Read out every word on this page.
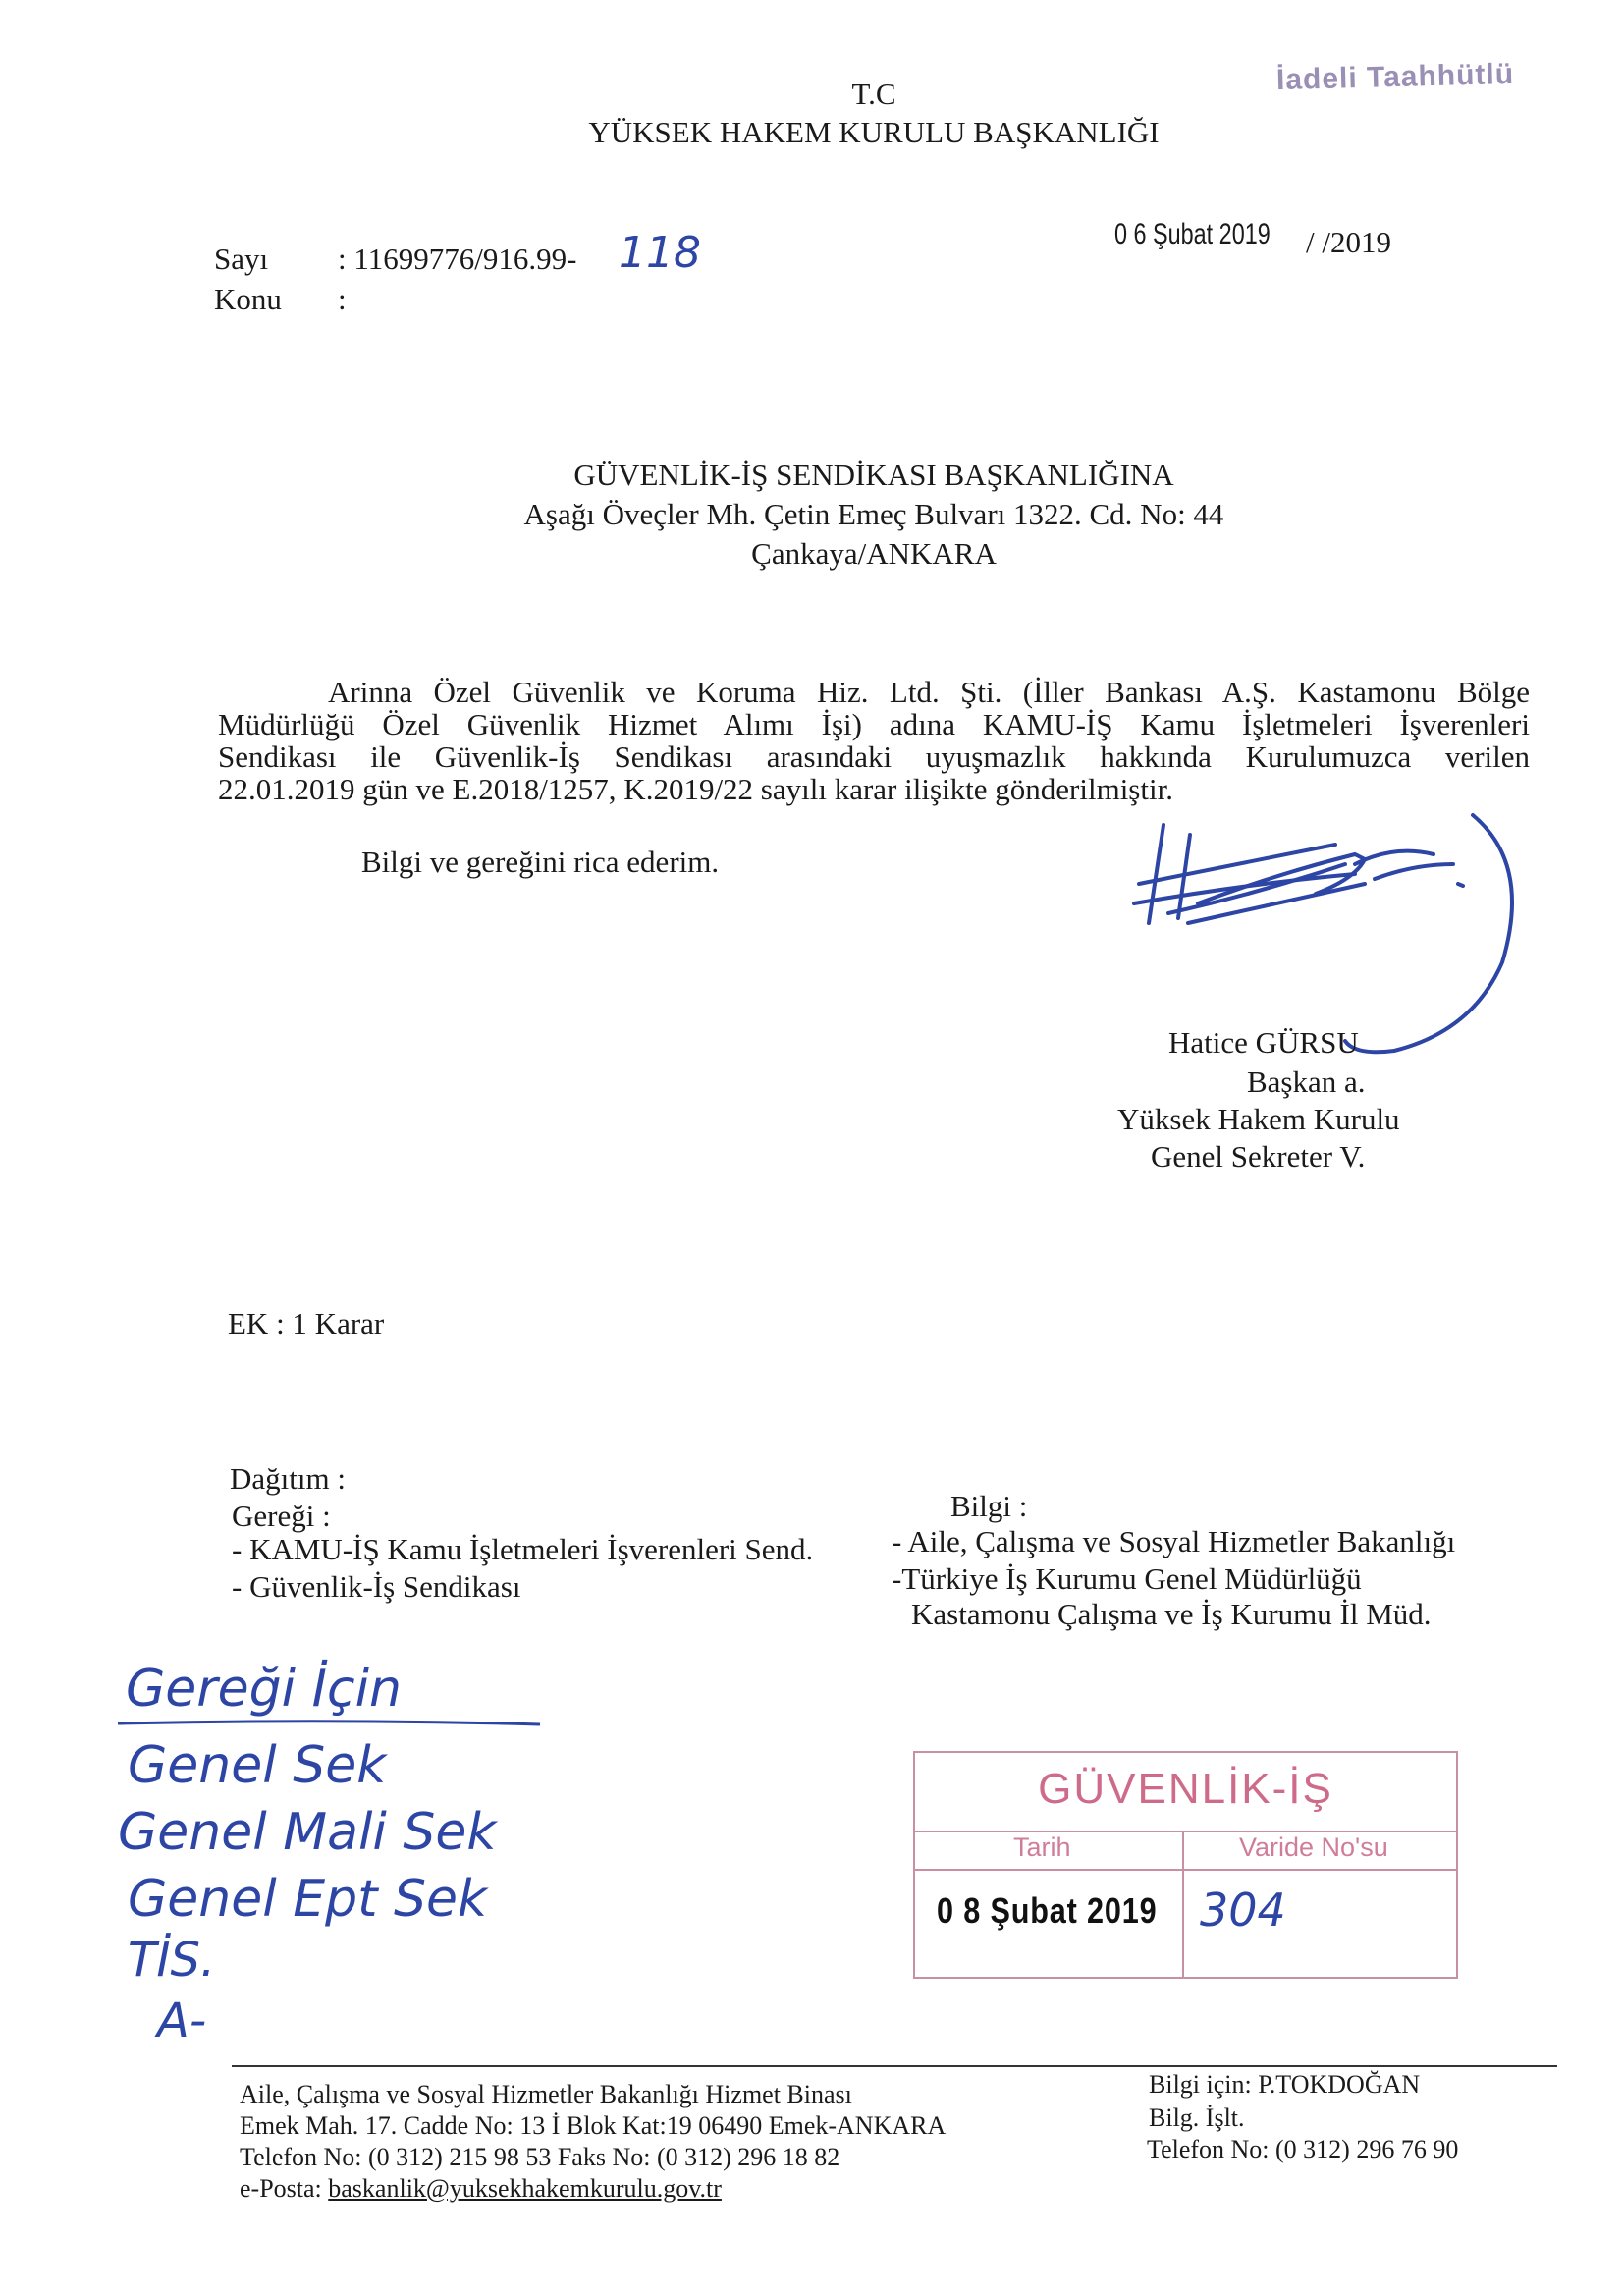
İadeli Taahhütlü
T.C
YÜKSEK HAKEM KURULU BAŞKANLIĞI
Sayı : 11699776/916.99- 118
Konu :
0 6 Şubat 2019 / /2019
GÜVENLİK-İŞ SENDİKASI BAŞKANLIĞINA
Aşağı Öveçler Mh. Çetin Emeç Bulvarı 1322. Cd. No: 44
Çankaya/ANKARA
Arinna Özel Güvenlik ve Koruma Hiz. Ltd. Şti. (İller Bankası A.Ş. Kastamonu Bölge
Müdürlüğü Özel Güvenlik Hizmet Alımı İşi) adına KAMU-İŞ Kamu İşletmeleri İşverenleri
Sendikası ile Güvenlik-İş Sendikası arasındaki uyuşmazlık hakkında Kurulumuzca verilen
22.01.2019 gün ve E.2018/1257, K.2019/22 sayılı karar ilişikte gönderilmiştir.
Bilgi ve gereğini rica ederim.
Hatice GÜRSU
Başkan a.
Yüksek Hakem Kurulu
Genel Sekreter V.
EK : 1 Karar
Dağıtım :
Gereği :
- KAMU-İŞ Kamu İşletmeleri İşverenleri Send.
- Güvenlik-İş Sendikası
Bilgi :
- Aile, Çalışma ve Sosyal Hizmetler Bakanlığı
-Türkiye İş Kurumu Genel Müdürlüğü
Kastamonu Çalışma ve İş Kurumu İl Müd.
Gereği İçin
Genel Sek
Genel Mali Sek
Genel Ept Sek
TİS.
A-
GÜVENLİK-İŞ
Tarih	Varide No'su
0 8 Şubat 2019 304
Aile, Çalışma ve Sosyal Hizmetler Bakanlığı Hizmet Binası
Emek Mah. 17. Cadde No: 13 İ Blok Kat:19 06490 Emek-ANKARA
Telefon No: (0 312) 215 98 53 Faks No: (0 312) 296 18 82
e-Posta: baskanlik@yuksekhakemkurulu.gov.tr
Bilgi için: P.TOKDOĞAN
Bilg. İşlt.
Telefon No: (0 312) 296 76 90
